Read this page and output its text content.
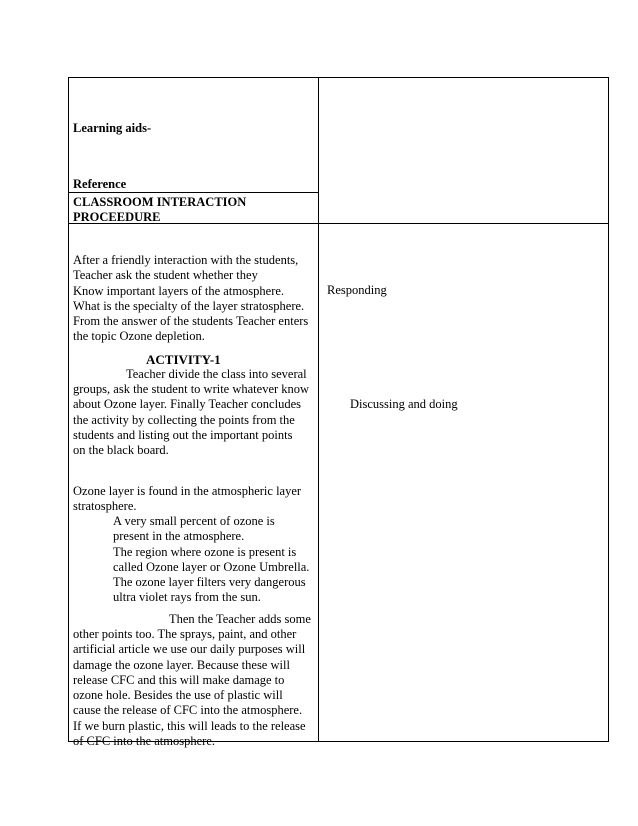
Learning aids-
Reference
CLASSROOM INTERACTION
PROCEEDURE
After a friendly interaction with the students,
Teacher ask the student whether they
Know important layers of the atmosphere.
What is the specialty of the layer stratosphere.
From the answer of the students Teacher enters
the topic Ozone depletion.
Responding
ACTIVITY-1
Teacher divide the class into several
groups, ask the student to write whatever know
about Ozone layer. Finally Teacher concludes
the activity by collecting the points from the
students and listing out the important points
on the black board.
Discussing and doing
Ozone layer is found in the atmospheric layer
stratosphere.
A very small percent of ozone is
present in the atmosphere.
The region where ozone is present is
called Ozone layer or Ozone Umbrella.
The ozone layer filters very dangerous
ultra violet rays from the sun.
Then the Teacher adds some
other points too. The sprays, paint, and other
artificial article we use our daily purposes will
damage the ozone layer. Because these will
release CFC and this will make damage to
ozone hole. Besides the use of plastic will
cause the release of CFC into the atmosphere.
If we burn plastic, this will leads to the release
of CFC into the atmosphere.
